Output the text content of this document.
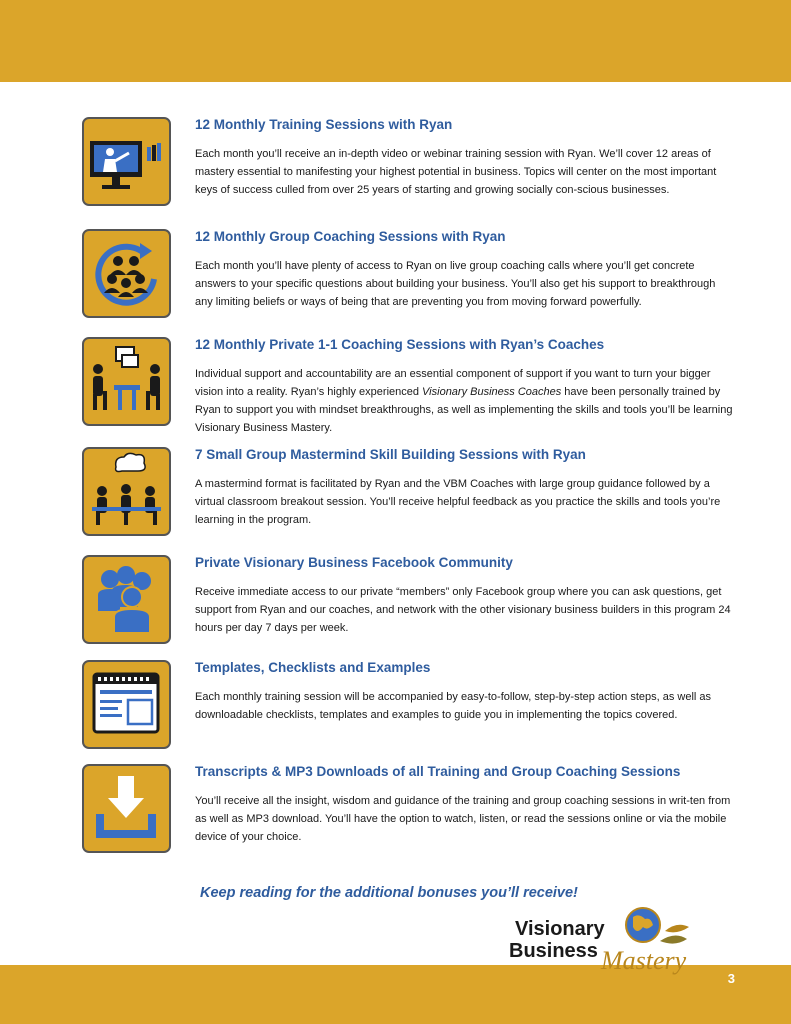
12 Monthly Training Sessions with Ryan

Each month you’ll receive an in-depth video or webinar training session with Ryan. We’ll cover 12 areas of mastery essential to manifesting your highest potential in business. Topics will center on the most important keys of success culled from over 25 years of starting and growing socially con-scious businesses.

12 Monthly Group Coaching Sessions with Ryan

Each month you’ll have plenty of access to Ryan on live group coaching calls where you’ll get concrete answers to your specific questions about building your business. You’ll also get his support to breakthrough any limiting beliefs or ways of being that are preventing you from moving forward powerfully.

12 Monthly Private 1-1 Coaching Sessions with Ryan’s Coaches

Individual support and accountability are an essential component of support if you want to turn your bigger vision into a reality. Ryan’s highly experienced Visionary Business Coaches have been personally trained by Ryan to support you with mindset breakthroughs, as well as implementing the skills and tools you’ll be learning Visionary Business Mastery.

7 Small Group Mastermind Skill Building Sessions with Ryan

A mastermind format is facilitated by Ryan and the VBM Coaches with large group guidance followed by a virtual classroom breakout session. You’ll receive helpful feedback as you practice the skills and tools you’re learning in the program.

Private Visionary Business Facebook Community

Receive immediate access to our private “members” only Facebook group where you can ask questions, get support from Ryan and our coaches, and network with the other visionary business builders in this program 24 hours per day 7 days per week.

Templates, Checklists and Examples

Each monthly training session will be accompanied by easy-to-follow, step-by-step action steps, as well as downloadable checklists, templates and examples to guide you in implementing the topics covered.

Transcripts & MP3 Downloads of all Training and Group Coaching Sessions

You’ll receive all the insight, wisdom and guidance of the training and group coaching sessions in writ-ten from as well as MP3 download. You’ll have the option to watch, listen, or read the sessions online or via the mobile device of your choice.

Keep reading for the additional bonuses you’ll receive!
Visionary
Business Mastery
3
